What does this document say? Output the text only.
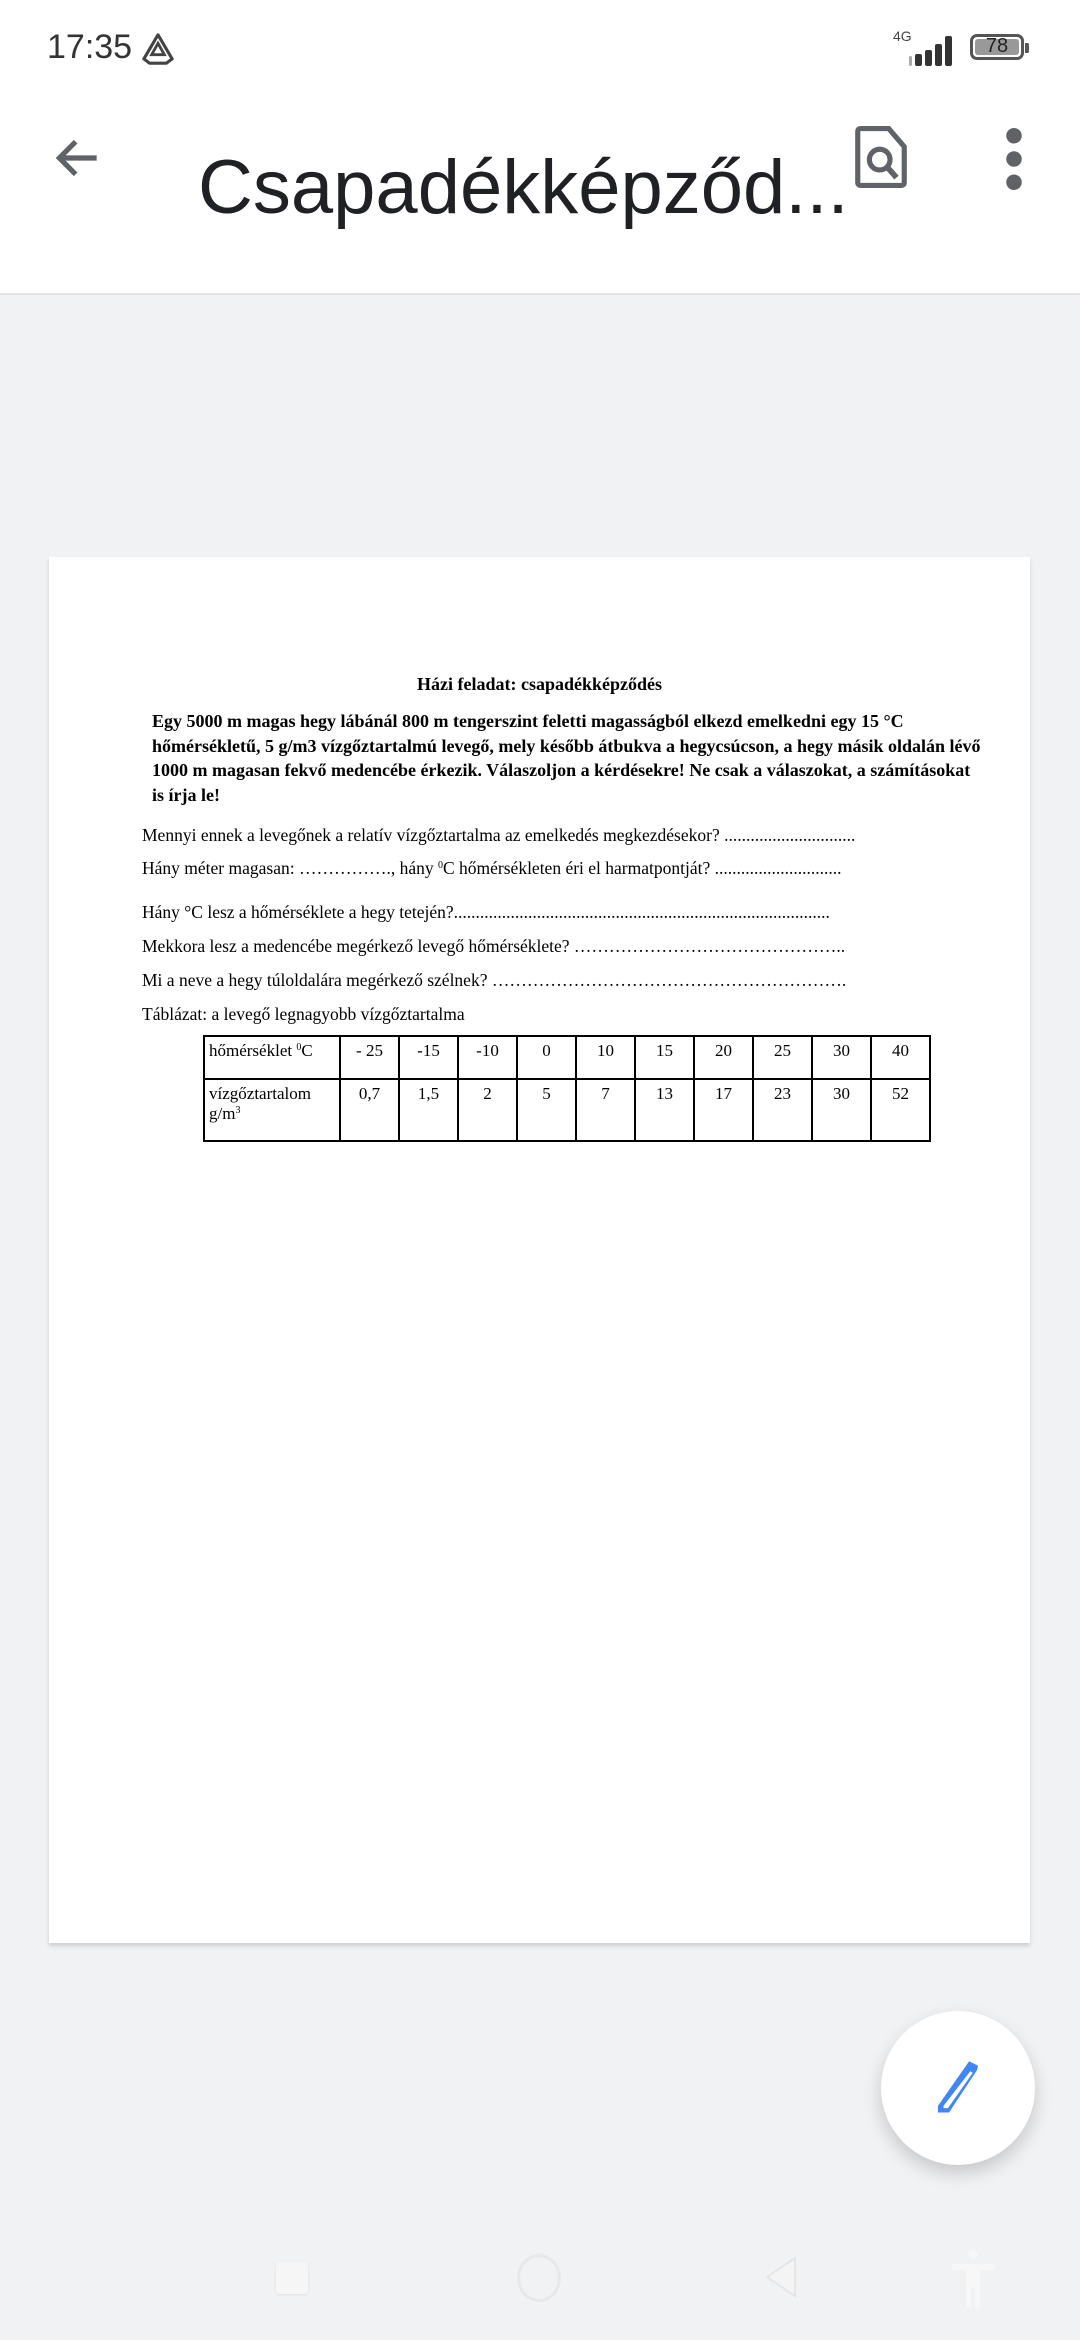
17:35	4G	78
Csapadékképződ...
Házi feladat: csapadékképződés
Egy 5000 m magas hegy lábánál 800 m tengerszint feletti magasságból elkezd emelkedni egy 15 °C hőmérsékletű, 5 g/m3 vízgőztartalmú levegő, mely később átbukva a hegycsúcson, a hegy másik oldalán lévő 1000 m magasan fekvő medencébe érkezik. Válaszoljon a kérdésekre! Ne csak a válaszokat, a számításokat is írja le!
Mennyi ennek a levegőnek a relatív vízgőztartalma az emelkedés megkezdésekor? ..............................
Hány méter magasan: ……………., hány $^0$C hőmérsékleten éri el harmatpontját? .............................
Hány °C lesz a hőmérséklete a hegy tetején?......................................................................................
Mekkora lesz a medencébe megérkező levegő hőmérséklete? ………………………………………..
Mi a neve a hegy túloldalára megérkező szélnek? …………………………………………………….
Táblázat: a levegő legnagyobb vízgőztartalma
hőmérséklet $^0$C	- 25	-15	-10	0	10	15	20	25	30	40
vízgőztartalom $g/m^3$	0,7	1,5	2	5	7	13	17	23	30	52
